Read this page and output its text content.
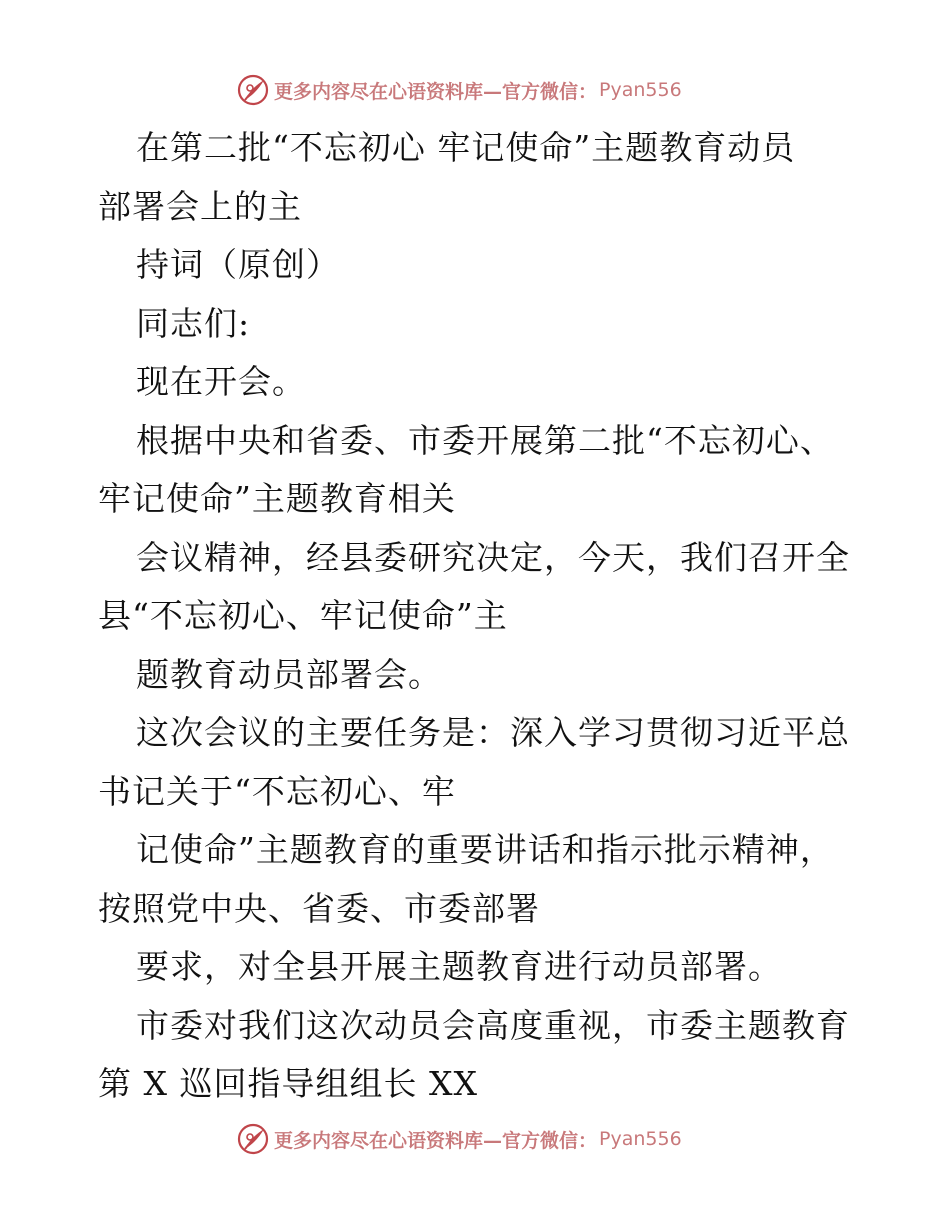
更多内容尽在心语资料库—官方微信： Pyan556
在第二批“不忘初心 牢记使命”主题教育动员
部署会上的主
持词（原创）
同志们:
现在开会。
根据中央和省委、市委开展第二批“不忘初心、
牢记使命”主题教育相关
会议精神，经县委研究决定，今天，我们召开全
县“不忘初心、牢记使命”主
题教育动员部署会。
这次会议的主要任务是：深入学习贯彻习近平总
书记关于“不忘初心、牢
记使命”主题教育的重要讲话和指示批示精神，
按照党中央、省委、市委部署
要求，对全县开展主题教育进行动员部署。
市委对我们这次动员会高度重视，市委主题教育
第 X 巡回指导组组长 XX
更多内容尽在心语资料库—官方微信： Pyan556
